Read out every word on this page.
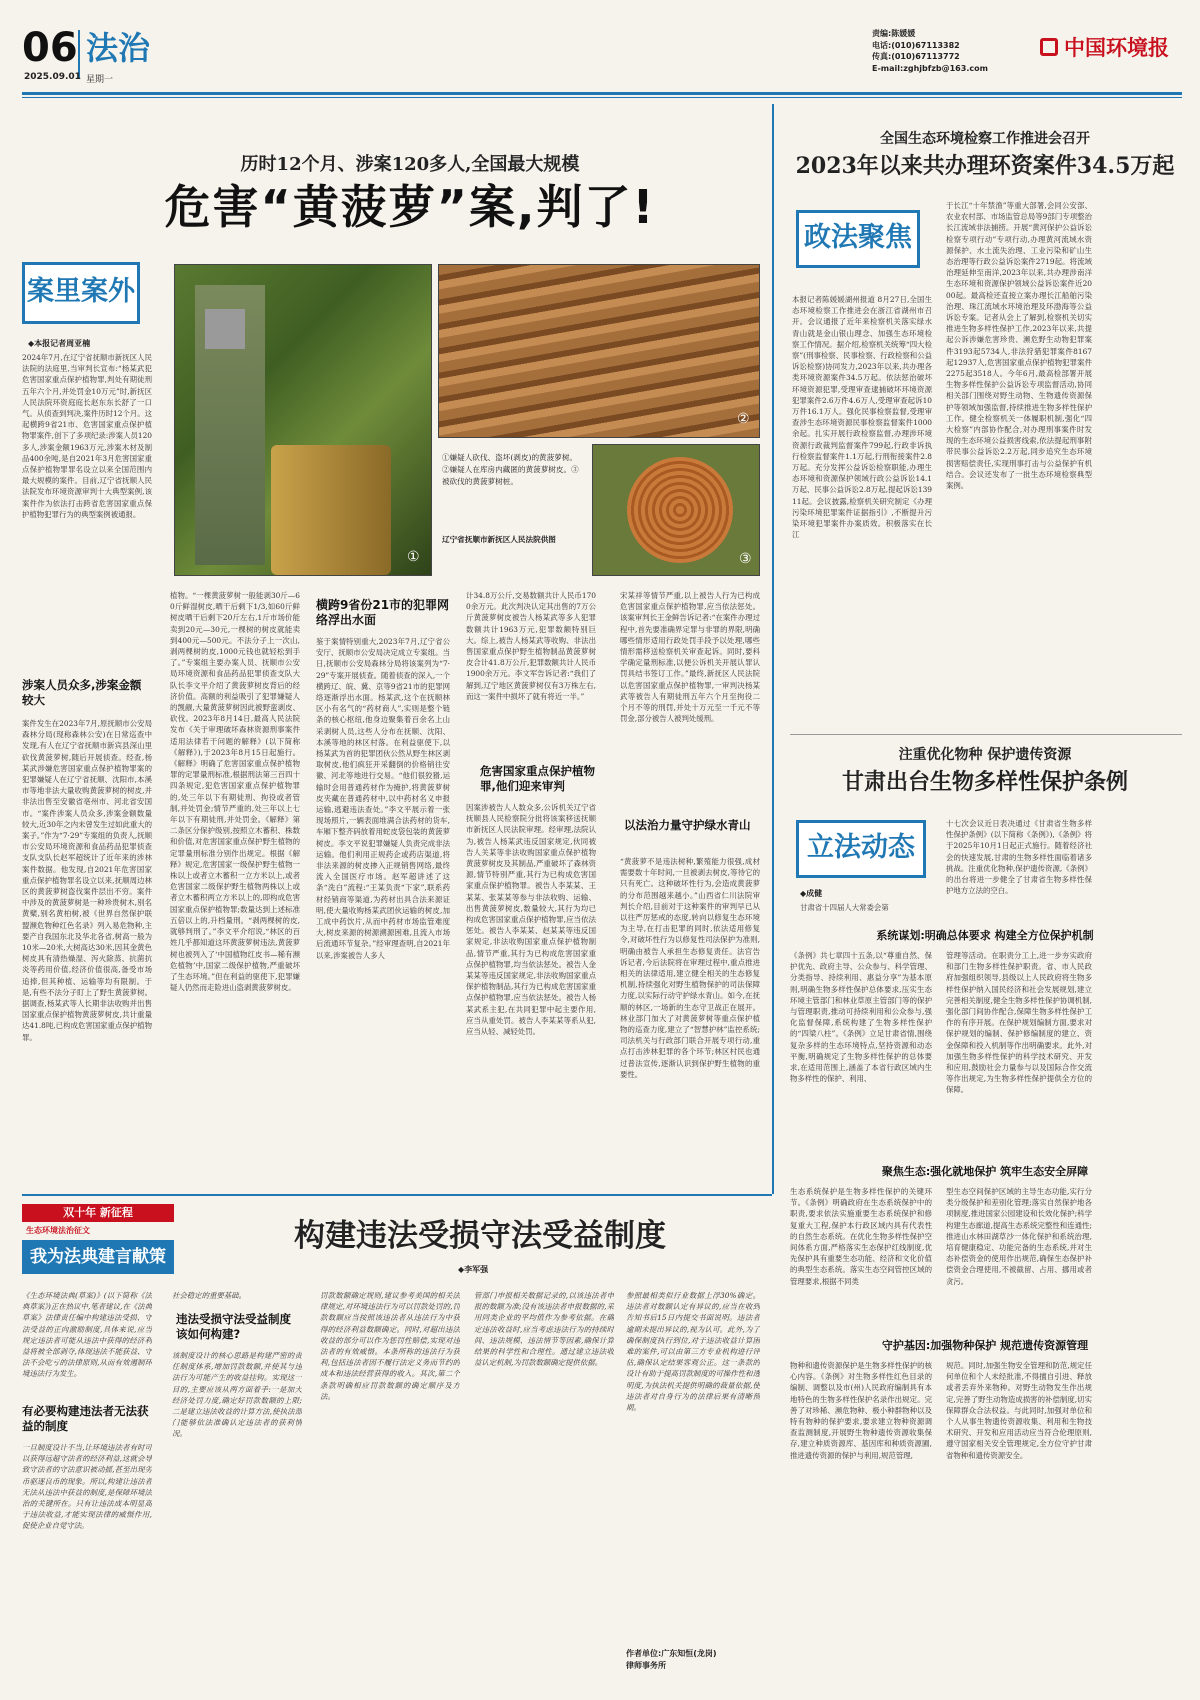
06 法治
2025.09.01 星期一
责编:陈媛媛
电话:(010)67113382
传真:(010)67113772
E-mail:zghjbfzb@163.com
中国环境报
历时12个月、涉案120多人,全国最大规模
危害“黄菠萝”案,判了!
案里案外
◆本报记者周亚楠
2024年7月,在辽宁省抚顺市新抚区人民法院的法庭里,当审判长宣布:“杨某武犯危害国家重点保护植物罪,判处有期徒刑五年六个月,并处罚金10万元”时,新抚区人民法院环资庭庭长赵东东长舒了一口气。从侦查到判决,案件历时12个月。这起横跨9省21市、危害国家重点保护植物罪案件,创下了多项纪录:涉案人员120多人,涉案金额1963万元,涉案木材及制品400余吨,是自2021年3月危害国家重点保护植物罪罪名设立以来全国范围内最大规模的案件。目前,辽宁省抚顺人民法院发布环境资源审判十大典型案例,该案件作为依法打击跨省危害国家重点保护植物犯罪行为的典型案例被通报。
涉案人员众多,涉案金额较大
案件发生在2023年7月,原抚顺市公安局森林分局(现称森林公安)在日常巡查中发现,有人在辽宁省抚顺市新宾县深山里砍伐黄菠萝树,随后开展侦查。经查,杨某武涉嫌危害国家重点保护植物罪案的犯罪嫌疑人在辽宁省抚顺、沈阳市,本溪市等地非法大量收购黄菠萝树的树皮,并非法出售至安徽省亳州市、河北省安国市。“案件涉案人员众多,涉案金额数量较大,近30年之内未曾发生过如此重大的案子。”作为“7·29”专案组的负责人,抚顺市公安局环境资源和食品药品犯罪侦查支队支队长赵军超统计了近年来的涉林案件数据。他发现,自2021年危害国家重点保护植物罪名设立以来,抚顺周边林区的黄菠萝树盗伐案件层出不穷。案件中涉及的黄菠萝树是一种珍贵树木,别名黄檗,别名黄柏树,被《世界自然保护联盟濒危物种红色名录》列入易危物种,主要产自我国东北及华北各省,树高一般为10米—20米,大树高达30米,因其金黄色树皮具有清热燥湿、泻火除蒸、抗菌抗炎等药用价值,经济价值很高,备受市场追捧,但其种植、运输等均有限制。于是,有些不法分子盯上了野生黄菠萝树。据调查,杨某武等人长期非法收购并出售国家重点保护植物黄菠萝树皮,共计重量达41.8吨,已构成危害国家重点保护植物罪。
①
②
③
①嫌疑人砍伐、盗坏(剥皮)的黄菠萝树。②嫌疑人在库房内藏匿的黄菠萝树皮。③被砍伐的黄菠萝树桩。
辽宁省抚顺市新抚区人民法院供图
植物。“一棵黄菠萝树一般能剥30斤—60斤鲜湿树皮,晒干后剩下1/3,如60斤鲜树皮晒干后剩下20斤左右,1斤市场价能卖到20元—30元,一棵树的树皮就能卖到400元—500元。不法分子上一次山,剥两棵树的皮,1000元钱也就轻松到手了。”专案组主要办案人员、抚顺市公安局环境资源和食品药品犯罪侦查支队大队长李文平介绍了黄菠萝树皮背后的经济价值。高额的利益吸引了犯罪嫌疑人的觊觎,大量黄菠萝树因此被野蛮剥皮、砍伐。2023年8月14日,最高人民法院发布《关于审理破坏森林资源刑事案件适用法律若干问题的解释》(以下简称《解释》),于2023年8月15日起施行。《解释》明确了危害国家重点保护植物罪的定罪量刑标准,根据刑法第三百四十四条规定,犯危害国家重点保护植物罪的,处三年以下有期徒刑、拘役或者管制,并处罚金;情节严重的,处三年以上七年以下有期徒刑,并处罚金。《解释》第二条区分保护级别,按照立木蓄积、株数和价值,对危害国家重点保护野生植物的定罪量刑标准分别作出规定。根据《解释》规定,危害国家一级保护野生植物一株以上或者立木蓄积一立方米以上,或者危害国家二级保护野生植物两株以上或者立木蓄积两立方米以上的,即构成危害国家重点保护植物罪;数量达到上述标准五倍以上的,升档量刑。“剥两棵树的皮,就够判刑了。”李文平介绍说,“林区的百姓几乎都知道这环黄菠萝树违法,黄菠萝树也被列入了‘中国植物红皮书—稀有濒危植物’中,国家二级保护植物,严重破坏了生态环境。”但在利益的驱使下,犯罪嫌疑人仍然而走险进山盗剥黄菠萝树皮。
横跨9省份21市的犯罪网络浮出水面
鉴于案情特别重大,2023年7月,辽宁省公安厅、抚顺市公安局决定成立专案组。当日,抚顺市公安局森林分局将该案列为“7·29”专案开展侦查。随着侦查的深入,一个横跨辽、皖、冀、京等9省21市的犯罪网络逐渐浮出水面。杨某武,这个在抚顺林区小有名气的“药材商人”,实则是整个链条的核心枢纽,他身边聚集着百余名上山采剥树人员,这些人分布在抚顺、沈阳、本溪等地的林区村落。在利益驱使下,以杨某武为首的犯罪团伙公然从野生林区剥取树皮,他们疯狂开采翻倒的价格销往安徽、河北等地进行交易。“他们很狡猾,运输时会用普通药材作为掩护,将黄菠萝树皮夹藏在普通药材中,以中药材名义申报运输,逃避违法查处。”李文平展示着一张现场照片,一辆表面堆满合法药材的货车,车厢下整齐码放着用蛇皮袋包装的黄菠萝树皮。李文平说犯罪嫌疑人负责完成非法运输。他们利用正规药企或药店渠道,将非法来源的树皮掺入正规销售网络,最终流入全国医疗市场。赵军超讲述了这条“洗白”流程:“王某负责“下家”,联系药材经销商等渠道,为药材出具合法来源证明,使大量收购杨某武团伙运输的树皮,加工成中药饮片,从而中药材市场监管难度大,树皮来源的树源溯源困难,且流入市场后流通环节复杂。”经审理查明,自2021年以来,涉案被告人多人
计34.8万公斤,交易数额共计人民币1700余万元。此次判决认定其出售的7万公斤黄菠萝树皮被告人杨某武等多人犯罪数额共计1963万元,犯罪数额特别巨大。综上,被告人杨某武等收购、非法出售国家重点保护野生植物制品黄菠萝树皮合计41.8万公斤,犯罪数额共计人民币1900余万元。李文军告诉记者:“我们了解到,辽宁地区黄菠萝树仅有3万株左右,而这一案件中损坏了就有将近一半。”
危害国家重点保护植物罪,他们迎来审判
因案涉被告人人数众多,公诉机关辽宁省抚顺县人民检察院分批将该案移送抚顺市新抚区人民法院审理。经审理,法院认为,被告人杨某武违反国家规定,伙同被告人关某等非法收购国家重点保护植物黄菠萝树皮及其制品,严重破坏了森林资源,情节特别严重,其行为已构成危害国家重点保护植物罪。被告人李某某、王某某、张某某等参与非法收购、运输、出售黄菠萝树皮,数量较大,其行为均已构成危害国家重点保护植物罪,应当依法惩处。被告人李某某、赵某某等违反国家规定,非法收购国家重点保护植物制品,情节严重,其行为已构成危害国家重点保护植物罪,均当依法惩处。被告人金某某等违反国家规定,非法收购国家重点保护植物制品,其行为已构成危害国家重点保护植物罪,应当依法惩处。被告人杨某武系主犯,在共同犯罪中起主要作用,应当从重处罚。被告人李某某等系从犯,应当从轻、减轻处罚。
宋某祥等情节严重,以上被告人行为已构成危害国家重点保护植物罪,应当依法惩处。该案审判长王金鲜告诉记者:“在案件办理过程中,首先要准确界定罪与非罪的界限,明确哪些情形适用行政处罚手段予以处理,哪些情形需移送检察机关审查起诉。同时,要科学确定量刑标准,以便公诉机关开展认罪认罚具结书签订工作。”最终,新抚区人民法院以危害国家重点保护植物罪,一审判决杨某武等被告人有期徒刑五年六个月至拘役二个月不等的刑罚,并处十万元至一千元不等罚金,部分被告人被判处缓刑。
以法治力量守护绿水青山
“黄菠萝不是违法树种,繁殖能力很强,成材需要数十年时间,一旦被剥去树皮,等待它的只有死亡。这种破坏性行为,会造成黄菠萝的分布范围越来越小。”山西省仁川法院审判长介绍,目前对于这种案件的审判早已从以往严厉惩戒的态度,转向以修复生态环境为主导,在打击犯罪的同时,依法适用修复令,对破坏性行为以修复性司法保护为准则,明确由被告人承担生态修复责任。法官告诉记者,今后法院将在审理过程中,重点推进相关的法律适用,建立健全相关的生态修复机制,持续强化对野生植物保护的司法保障力度,以实际行动守护绿水青山。如今,在抚顺的林区,一场新的生态守卫战正在展开。林业部门加大了对黄菠萝树等重点保护植物的巡查力度,建立了“智慧护林”监控系统;司法机关与行政部门联合开展专项行动,重点打击涉林犯罪的各个环节;林区村民也通过普法宣传,逐渐认识到保护野生植物的重要性。
全国生态环境检察工作推进会召开
2023年以来共办理环资案件34.5万起
政法聚焦
本报记者陈媛媛湖州报道 8月27日,全国生态环境检察工作推进会在浙江省湖州市召开。会议通报了近年来检察机关落实绿水青山就是金山银山理念、加强生态环境检察工作情况。据介绍,检察机关统筹“四大检察”(刑事检察、民事检察、行政检察和公益诉讼检察)协同发力,2023年以来,共办理各类环境资源案件34.5万起。依法惩治破坏环境资源犯罪,受理审查逮捕破坏环境资源犯罪案件2.6万件4.6万人,受理审查起诉10万件16.1万人。强化民事检察监督,受理审查涉生态环境资源民事检察监督案件1000余起。扎实开展行政检察监督,办理涉环境资源行政裁判监督案件799起,行政非诉执行检察监督案件1.1万起,行刑衔接案件2.8万起。充分发挥公益诉讼检察职能,办理生态环境和资源保护领域行政公益诉讼14.1万起、民事公益诉讼2.8万起,提起诉讼13911起。会议披露,检察机关研究制定《办理污染环境犯罪案件证据指引》,不断提升污染环境犯罪案件办案质效。积极落实在长江
于长江“十年禁渔”等重大部署,会同公安部、农业农村部、市场监管总局等9部门专项整治长江流域非法捕捞。开展“黄河保护公益诉讼检察专项行动”专项行动,办理黄河流域水资源保护、水土流失治理、工业污染和矿山生态治理等行政公益诉讼案件2719起。将流域治理延伸至南洋,2023年以来,共办理涉南洋生态环境和资源保护领域公益诉讼案件近2000起。最高检还直接立案办理长江船舶污染治理、珠江流域水环境治理及环渤海等公益诉讼专案。记者从会上了解到,检察机关切实推进生物多样性保护工作,2023年以来,共提起公诉涉嫌危害珍贵、濒危野生动物犯罪案件3193起5734人,非法狩猎犯罪案件8167起12937人,危害国家重点保护植物犯罪案件2275起3518人。今年6月,最高检部署开展生物多样性保护公益诉讼专项监督活动,协同相关部门围绕对野生动物、生物遗传资源保护等领域加强监督,持续推进生物多样性保护工作。健全检察机关一体履职机制,强化“四大检察”内部协作配合,对办理刑事案件时发现的生态环境公益损害线索,依法提起刑事附带民事公益诉讼2.2万起,同步追究生态环境损害赔偿责任,实现刑事打击与公益保护有机结合。会议还发布了一批生态环境检察典型案例。
注重优化物种 保护遗传资源
甘肃出台生物多样性保护条例
立法动态
◆成健
甘肃省十四届人大常委会第
十七次会议近日表决通过《甘肃省生物多样性保护条例》(以下简称《条例》),《条例》将于2025年10月1日起正式施行。随着经济社会的快速发展,甘肃的生物多样性面临着诸多挑战。注重优化物种,保护遗传资源,《条例》的出台将进一步健全了甘肃省生物多样性保护地方立法的空白。
系统谋划:明确总体要求 构建全方位保护机制
《条例》共七章四十五条,以“尊重自然、保护优先、政府主导、公众参与、科学管理、分类指导、持续利用、惠益分享”为基本原则,明确生物多样性保护总体要求,压实生态环境主管部门和林业草原主管部门等的保护与管理职责,推动可持续利用和公众参与,强化监督保障,系统构建了生物多样性保护的“四梁八柱”。《条例》立足甘肃省情,围绕复杂多样的生态环境特点,坚持资源和动态平衡,明确规定了生物多样性保护的总体要求,在适用范围上,涵盖了本省行政区域内生物多样性的保护、利用、
管理等活动。在职责分工上,进一步夯实政府和部门生物多样性保护职责。省、市人民政府加强组织领导,县级以上人民政府将生物多样性保护纳入国民经济和社会发展规划,建立完善相关制度,健全生物多样性保护协调机制,强化部门间协作配合,保障生物多样性保护工作的有序开展。在保护规划编制方面,要求对保护规划的编制、保护修编制度的建立、资金保障和投入机制等作出明确要求。此外,对加强生物多样性保护的科学技术研究、开发和应用,鼓励社会力量参与以及国际合作交流等作出规定,为生物多样性保护提供全方位的保障。
聚焦生态:强化就地保护 筑牢生态安全屏障
生态系统保护是生物多样性保护的关键环节。《条例》明确政府在生态系统保护中的职责,要求依法实施重要生态系统保护和修复重大工程,保护本行政区域内具有代表性的自然生态系统。在优化生物多样性保护空间体系方面,严格落实生态保护红线制度,优先保护具有重要生态功能、经济和文化价值的典型生态系统。落实生态空间管控区域的管理要求,根据不同类
型生态空间保护区域的主导生态功能,实行分类分级保护和差别化管理;落实自然保护地各项制度,推进国家公园建设和长效化保护;科学构建生态廊道,提高生态系统完整性和连通性;推进山水林田湖草沙一体化保护和系统治理,培育健康稳定、功能完备的生态系统,并对生态补偿资金的使用作出规范,确保生态保护补偿资金合理使用,不被截留、占用、挪用或者贪污。
守护基因:加强物种保护 规范遗传资源管理
物种和遗传资源保护是生物多样性保护的核心内容。《条例》对生物多样性红色目录的编制、调整以及市(州)人民政府编制具有本地特色的生物多样性保护名录作出规定。完善了对珍稀、濒危物种、极小种群物种以及特有物种的保护要求,要求建立物种资源调查监测制度,开展野生物种遗传资源收集保存,建立种质资源库、基因库和种质资源圃,推进遗传资源的保护与利用,规范管理,
规范。同时,加强生物安全管理和防范,规定任何单位和个人未经批准,不得擅自引进、释放或者丢弃外来物种。对野生动物发生作出规定,完善了野生动物造成损害的补偿制度,切实保障群众合法权益。与此同时,加强对单位和个人从事生物遗传资源收集、利用和生物技术研究、开发和应用活动应当符合伦理原则,遵守国家相关安全管理规定,全方位守护甘肃省物种和遗传资源安全。
双十年 新征程
生态环境法治征文
我为法典建言献策
构建违法受损守法受益制度
◆李军强
《生态环境法典(草案)》(以下简称《法典草案》)正在热议中,笔者建议,在《法典草案》法律责任编中构建违法受损、守法受益的正向激励制度,具体来说,应当规定违法者可能从违法中获得的经济利益将被全部剥夺,体现违法不能获益、守法不会吃亏的法律原则,从而有效遏制环境违法行为发生。
有必要构建违法者无法获益的制度
一旦制度设计不当,让环境违法者有时可以获得远超守法者的经济利益,这就会导致守法者的守法意识被动摇,甚至出现劣币驱逐良币的现象。所以,构建让违法者无法从违法中获益的制度,是保障环境法治的关键所在。只有让违法成本明显高于违法收益,才能实现法律的威慑作用,促使企业自觉守法。
社会稳定的重要基础。
违法受损守法受益制度该如何构建?
该制度设计的核心思路是构建严密的责任制度体系,增加罚款数额,并使其与违法行为可能产生的收益挂钩。实现这一目的,主要应该从两方面着手:一是加大经济处罚力度,确定好罚款数额的上限;二是建立违法收益的计算方法,使执法部门能够依法准确认定违法者的获利情况。
罚款数额确定规则,建议参考美国的相关法律规定,对环境违法行为可以罚款处罚的,罚款数额应当按照该违法者从违法行为中获得的经济利益数额确定。同时,对超出违法收益的部分可以作为惩罚性赔偿,实现对违法者的有效威慑。本条所称的违法行为获利,包括违法者因不履行法定义务而节约的成本和违法经营获得的收入。其次,第二个条款明确相应罚款数额的确定顺序及方法。
管部门申报相关数据记录的,以该违法者申报的数额为准;没有该违法者申报数据的,采用同类企业的平均值作为参考依据。在确定违法收益时,应当考虑违法行为的持续时间、违法规模、违法情节等因素,确保计算结果的科学性和合理性。通过建立违法收益认定机制,为罚款数额确定提供依据。
参照最相类似行业数据上浮30%确定。违法者对数额认定有异议的,应当在收到告知书后15日内提交书面说明。违法者逾期未提出异议的,视为认可。此外,为了确保制度执行到位,对于违法收益计算困难的案件,可以由第三方专业机构进行评估,确保认定结果客观公正。这一条款的设计有助于提高罚款制度的可操作性和透明度,为执法机关提供明确的裁量依据,使违法者对自身行为的法律后果有清晰预期。
作者单位:广东知恒(龙岗)
律师事务所
